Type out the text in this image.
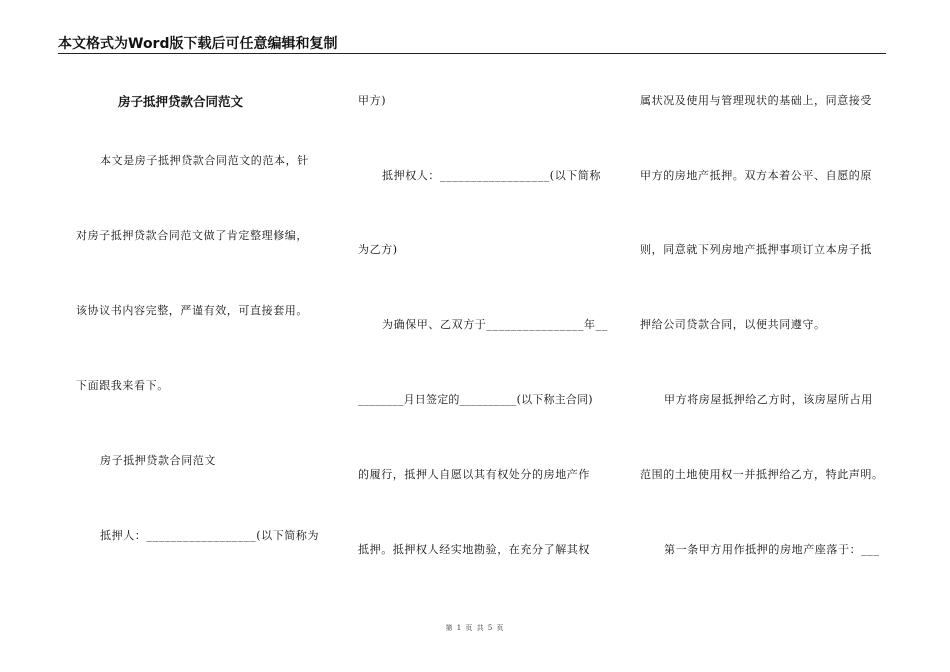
本文格式为Word版下载后可任意编辑和复制
房子抵押贷款合同范文
本文是房子抵押贷款合同范文的范本，针
对房子抵押贷款合同范文做了肯定整理修编，
该协议书内容完整，严谨有效，可直接套用。
下面跟我来看下。
房子抵押贷款合同范文
抵押人：__________________(以下简称为
甲方)
抵押权人：__________________(以下简称
为乙方)
为确保甲、乙双方于________________年__
________月日签定的__________(以下称主合同)
的履行，抵押人自愿以其有权处分的房地产作
抵押。抵押权人经实地勘验，在充分了解其权
属状况及使用与管理现状的基础上，同意接受
甲方的房地产抵押。双方本着公平、自愿的原
则，同意就下列房地产抵押事项订立本房子抵
押给公司贷款合同，以便共同遵守。
甲方将房屋抵押给乙方时，该房屋所占用
范围的土地使用权一并抵押给乙方，特此声明。
第一条甲方用作抵押的房地产座落于：___
第 1 页 共 5 页
